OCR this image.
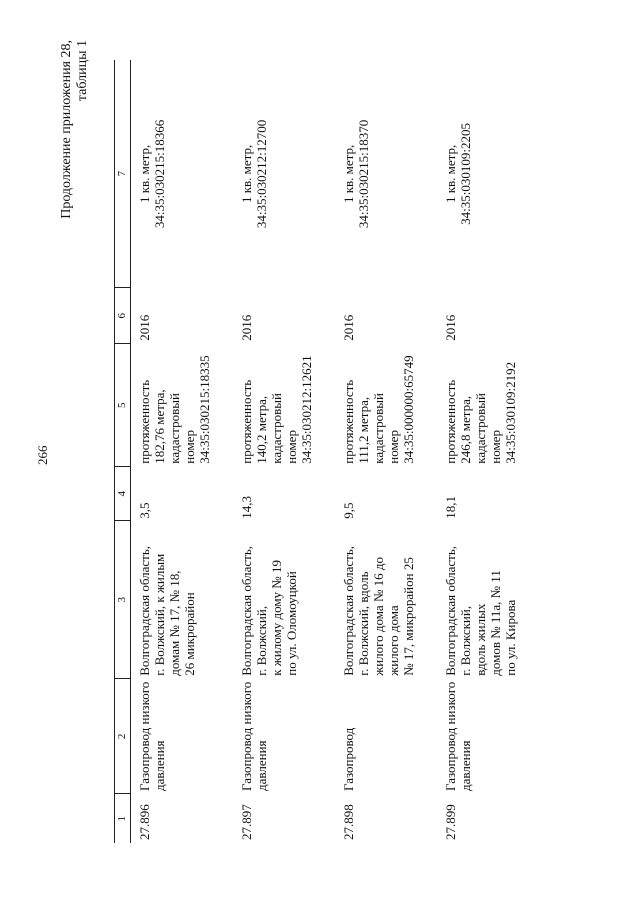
266
Продолжение приложения 28, таблицы 1
1	2	3	4	5	6	7
27.896	Газопровод низкого давления	Волгоградская область, г. Волжский, к жилым домам № 17, № 18, 26 микрорайон	3,5	протяженность 182,76 метра, кадастровый номер 34:35:030215:18335	2016	1 кв. метр, 34:35:030215:18366

27.897	Газопровод низкого давления	Волгоградская область, г. Волжский, к жилому дому № 19 по ул. Оломоуцкой	14,3	протяженность 140,2 метра, кадастровый номер 34:35:030212:12621	2016	1 кв. метр, 34:35:030212:12700

27.898	Газопровод	Волгоградская область, г. Волжский, вдоль жилого дома № 16 до жилого дома № 17, микрорайон 25	9,5	протяженность 111,2 метра, кадастровый номер 34:35:000000:65749	2016	1 кв. метр, 34:35:030215:18370

27.899	Газопровод низкого давления	Волгоградская область, г. Волжский, вдоль жилых домов № 11а, № 11 по ул. Кирова	18,1	протяженность 246,8 метра, кадастровый номер 34:35:030109:2192	2016	1 кв. метр, 34:35:030109:2205
